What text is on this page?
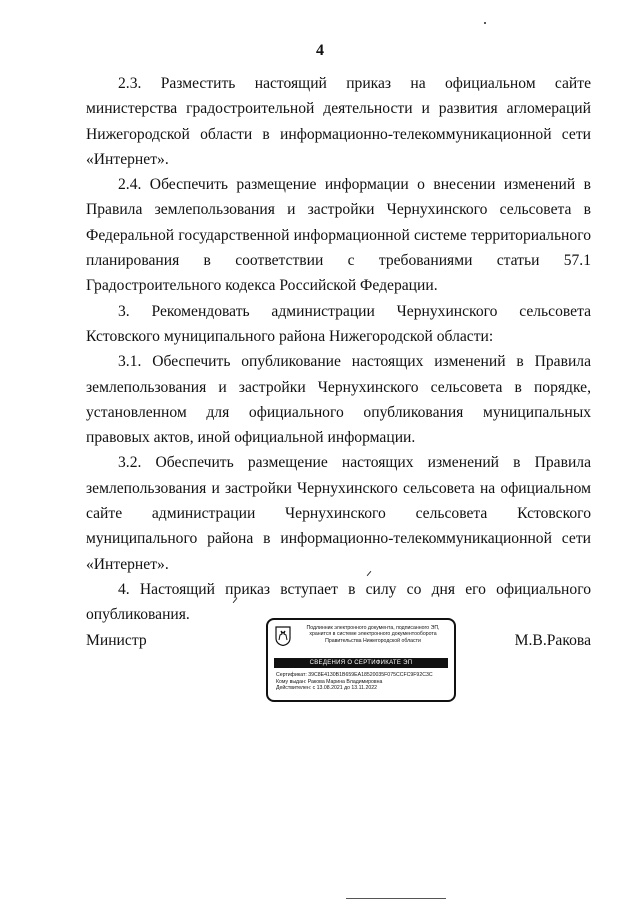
4

2.3. Разместить настоящий приказ на официальном сайте министерства градостроительной деятельности и развития агломераций Нижегородской области в информационно-телекоммуникационной сети «Интернет».

2.4. Обеспечить размещение информации о внесении изменений в Правила землепользования и застройки Чернухинского сельсовета в Федеральной государственной информационной системе территориального планирования в соответствии с требованиями статьи 57.1 Градостроительного кодекса Российской Федерации.

3. Рекомендовать администрации Чернухинского сельсовета Кстовского муниципального района Нижегородской области:

3.1. Обеспечить опубликование настоящих изменений в Правила землепользования и застройки Чернухинского сельсовета в порядке, установленном для официального опубликования муниципальных правовых актов, иной официальной информации.

3.2. Обеспечить размещение настоящих изменений в Правила землепользования и застройки Чернухинского сельсовета на официальном сайте администрации Чернухинского сельсовета Кстовского муниципального района в информационно-телекоммуникационной сети «Интернет».

4. Настоящий приказ вступает в силу со дня его официального опубликования.

Министр
Подлинник электронного документа, подписанного ЭП,
хранится в системе электронного документооборота
Правительства Нижегородской области
СВЕДЕНИЯ О СЕРТИФИКАТЕ ЭП
Сертификат: 39C8E4130B1B659EA18520035F075CCFC9F92C3C
Кому выдан: Ракова Марина Владимировна
Действителен: с 13.08.2021 до 13.11.2022
М.В.Ракова
